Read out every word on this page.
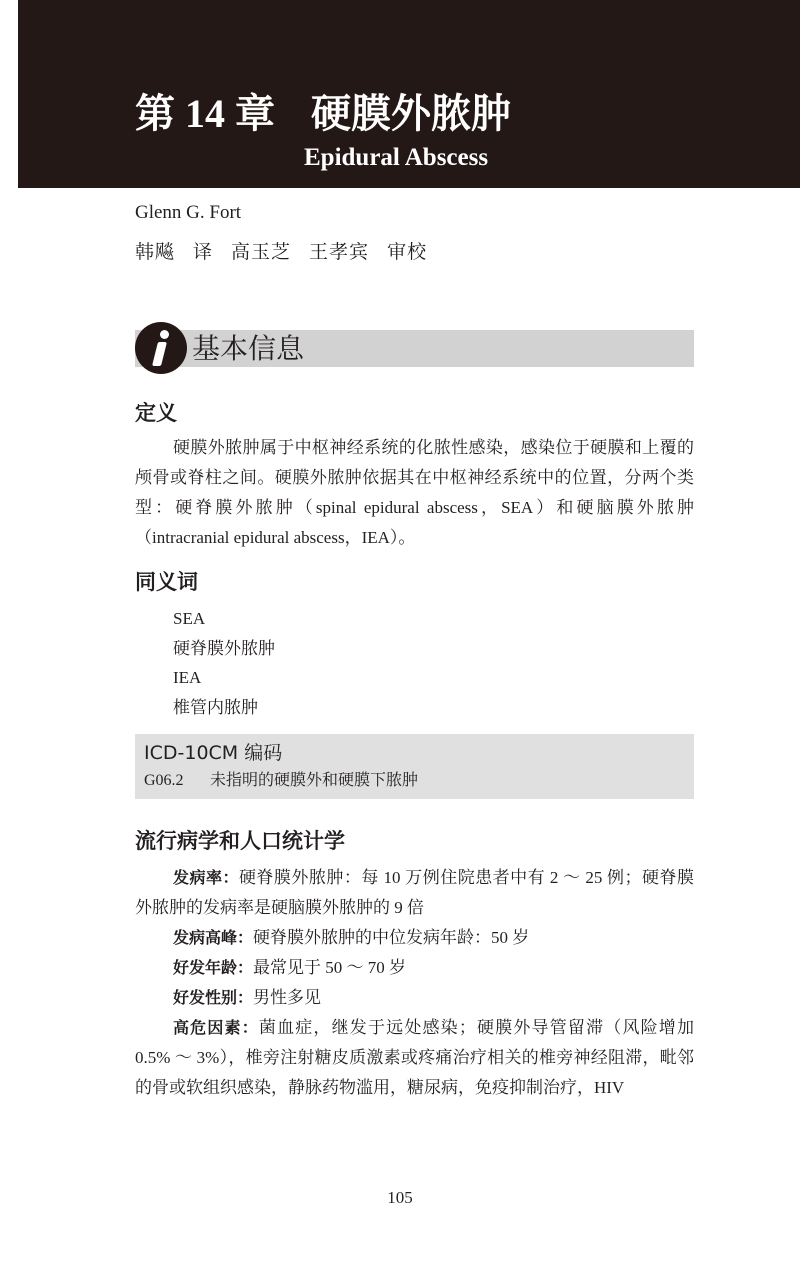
第 14 章 硬膜外脓肿
Epidural Abscess
Glenn G. Fort
韩飚 译 高玉芝 王孝宾 审校
基本信息
定义
硬膜外脓肿属于中枢神经系统的化脓性感染，感染位于硬膜和上覆的颅骨或脊柱之间。硬膜外脓肿依据其在中枢神经系统中的位置，分两个类型：硬脊膜外脓肿（spinal epidural abscess，SEA）和硬脑膜外脓肿（intracranial epidural abscess，IEA）。
同义词
SEA
硬脊膜外脓肿
IEA
椎管内脓肿
ICD-10CM 编码
G06.2 未指明的硬膜外和硬膜下脓肿
流行病学和人口统计学
发病率：硬脊膜外脓肿：每 10 万例住院患者中有 2 ～ 25 例；硬脊膜外脓肿的发病率是硬脑膜外脓肿的 9 倍
发病高峰：硬脊膜外脓肿的中位发病年龄：50 岁
好发年龄：最常见于 50 ～ 70 岁
好发性别：男性多见
高危因素：菌血症，继发于远处感染；硬膜外导管留滞（风险增加 0.5% ～ 3%），椎旁注射糖皮质激素或疼痛治疗相关的椎旁神经阻滞，毗邻的骨或软组织感染，静脉药物滥用，糖尿病，免疫抑制治疗，HIV
105
